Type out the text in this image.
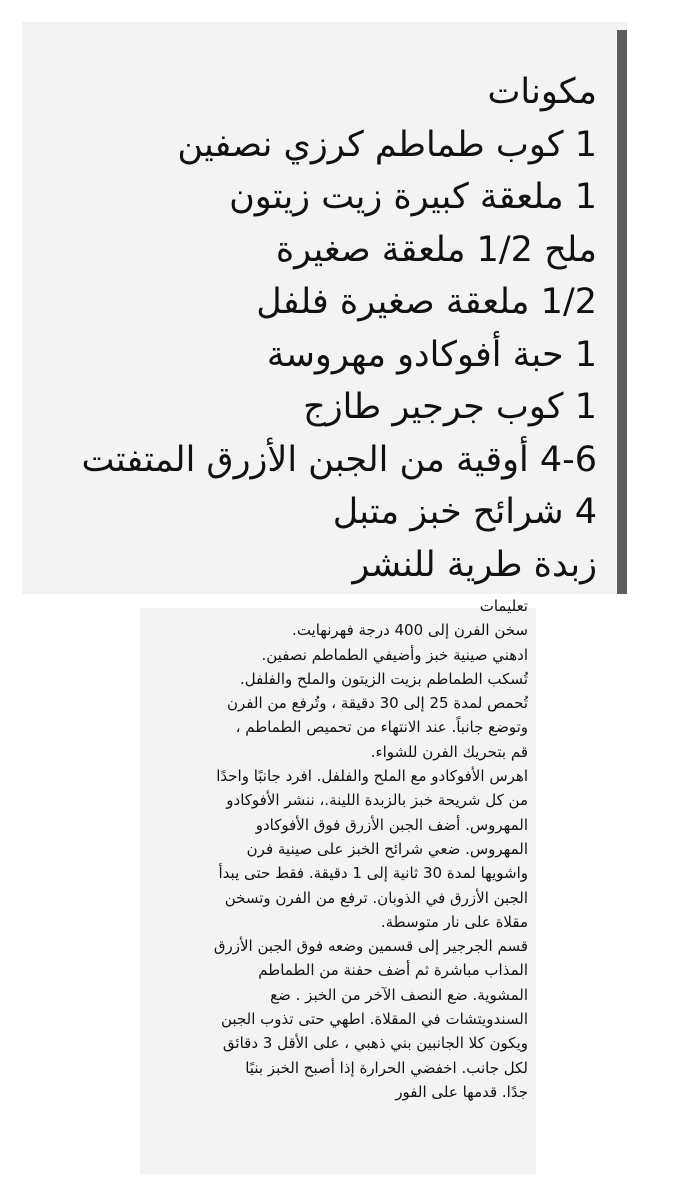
مكونات
1 كوب طماطم كرزي نصفين
1 ملعقة كبيرة زيت زيتون
ملح 1/2 ملعقة صغيرة
1/2 ملعقة صغيرة فلفل
1 حبة أفوكادو مهروسة
1 كوب جرجير طازج
4-6 أوقية من الجبن الأزرق المتفتت
4 شرائح خبز متبل
زبدة طرية للنشر
تعليمات
سخن الفرن إلى 400 درجة فهرنهايت.
ادهني صينية خبز وأضيفي الطماطم نصفين.
تُسكب الطماطم بزيت الزيتون والملح والفلفل.
تُحمص لمدة 25 إلى 30 دقيقة ، وتُرفع من الفرن
وتوضع جانباً. عند الانتهاء من تحميص الطماطم ،
قم بتحريك الفرن للشواء.
اهرس الأفوكادو مع الملح والفلفل. افرد جانبًا واحدًا
من كل شريحة خبز بالزبدة اللينة.، ننشر الأفوكادو
المهروس. أضف الجبن الأزرق فوق الأفوكادو
المهروس. ضعي شرائح الخبز على صينية فرن
واشويها لمدة 30 ثانية إلى 1 دقيقة. فقط حتى يبدأ
الجبن الأزرق في الذوبان. ترفع من الفرن وتسخن
مقلاة على نار متوسطة.
قسم الجرجير إلى قسمين وضعه فوق الجبن الأزرق
المذاب مباشرة ثم أضف حفنة من الطماطم
المشوية. ضع النصف الآخر من الخبز . ضع
السندويتشات في المقلاة. اطهي حتى تذوب الجبن
ويكون كلا الجانبين بني ذهبي ، على الأقل 3 دقائق
لكل جانب. اخفضي الحرارة إذا أصبح الخبز بنيًا
جدًا. قدمها على الفور
